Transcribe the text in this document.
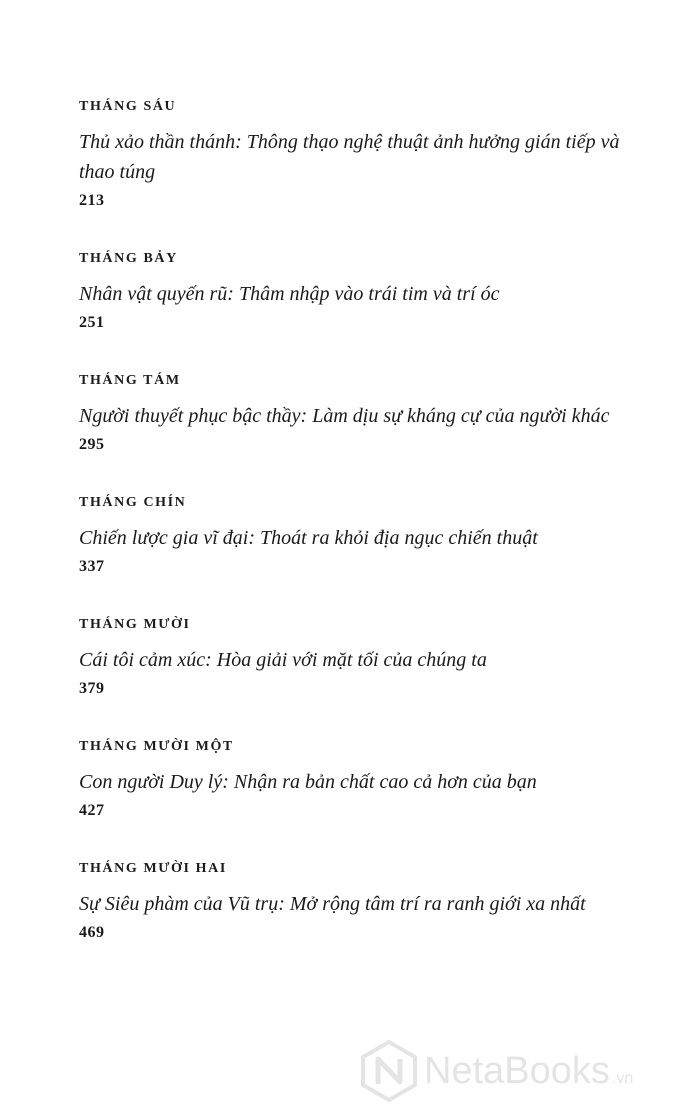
THÁNG SÁU
Thủ xảo thần thánh: Thông thạo nghệ thuật ảnh hưởng gián tiếp và thao túng
213
THÁNG BẢY
Nhân vật quyến rũ: Thâm nhập vào trái tim và trí óc
251
THÁNG TÁM
Người thuyết phục bậc thầy: Làm dịu sự kháng cự của người khác
295
THÁNG CHÍN
Chiến lược gia vĩ đại: Thoát ra khỏi địa ngục chiến thuật
337
THÁNG MƯỜI
Cái tôi cảm xúc: Hòa giải với mặt tối của chúng ta
379
THÁNG MƯỜI MỘT
Con người Duy lý: Nhận ra bản chất cao cả hơn của bạn
427
THÁNG MƯỜI HAI
Sự Siêu phàm của Vũ trụ: Mở rộng tâm trí ra ranh giới xa nhất
469
NetaBooks .vn
